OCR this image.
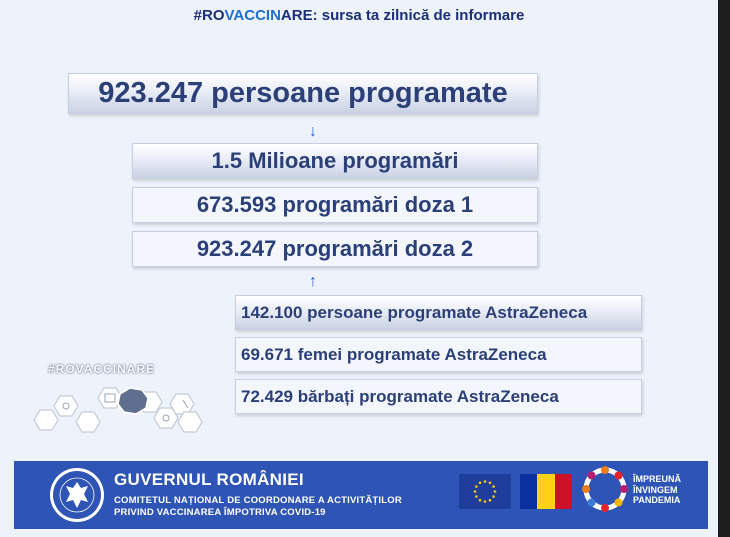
#ROVACCINARE: sursa ta zilnică de informare
923.247 persoane programate
↓
1.5 Milioane programări
673.593 programări doza 1
923.247 programări doza 2
↑
142.100 persoane programate AstraZeneca
69.671 femei programate AstraZeneca
72.429 bărbați programate AstraZeneca
#ROVACCINARE
GUVERNUL ROMÂNIEI
COMITETUL NAȚIONAL DE COORDONARE A ACTIVITĂȚILOR
PRIVIND VACCINAREA ÎMPOTRIVA COVID-19
ÎMPREUNĂ
ÎNVINGEM
PANDEMIA
